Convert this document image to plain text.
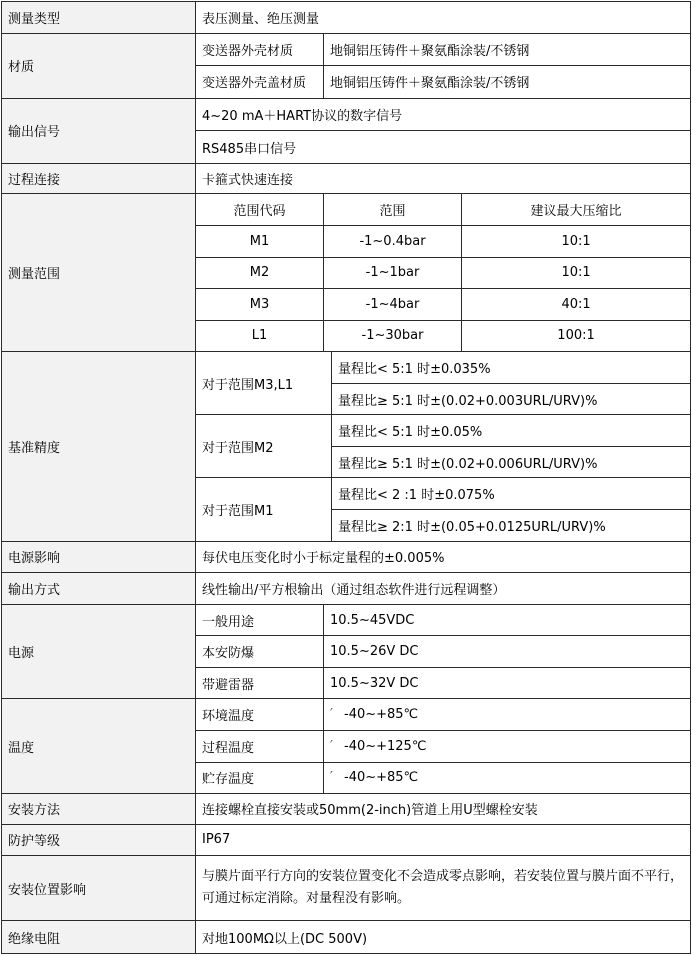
测量类型	表压测量、绝压测量			
材质	变送器外壳材质	地铜铝压铸件＋聚氨酯涂装/不锈钢		
	变送器外壳盖材质	地铜铝压铸件＋聚氨酯涂装/不锈钢		
输出信号	4~20 mA＋HART协议的数字信号			
	RS485串口信号			
过程连接	卡箍式快速连接			
测量范围	范围代码	范围		建议最大压缩比
	M1	-1~0.4bar		10:1
	M2	-1~1bar		10:1
	M3	-1~4bar		40:1
	L1	-1~30bar		100:1
基准精度	对于范围M3,L1		量程比< 5:1 时±0.035%	
			量程比≥ 5:1 时±(0.02+0.003URL/URV)%	
	对于范围M2		量程比< 5:1 时±0.05%	
			量程比≥ 5:1 时±(0.02+0.006URL/URV)%	
	对于范围M1		量程比< 2 :1 时±0.075%	
			量程比≥ 2:1 时±(0.05+0.0125URL/URV)%	
电源影响	每伏电压变化时小于标定量程的±0.005%			
输出方式	线性输出/平方根输出（通过组态软件进行远程调整）			
电源	一般用途	10.5~45VDC		
	本安防爆	10.5~26V DC		
	带避雷器	10.5~32V DC		
温度	环境温度	′ -40~+85℃		
	过程温度	′ -40~+125℃		
	贮存温度	′ -40~+85℃		
安装方法	连接螺栓直接安装或50mm(2-inch)管道上用U型螺栓安装			
防护等级	IP67			
安装位置影响	与膜片面平行方向的安装位置变化不会造成零点影响，若安装位置与膜片面不平行，可通过标定消除。对量程没有影响。			
绝缘电阻	对地100MΩ以上(DC 500V)			
